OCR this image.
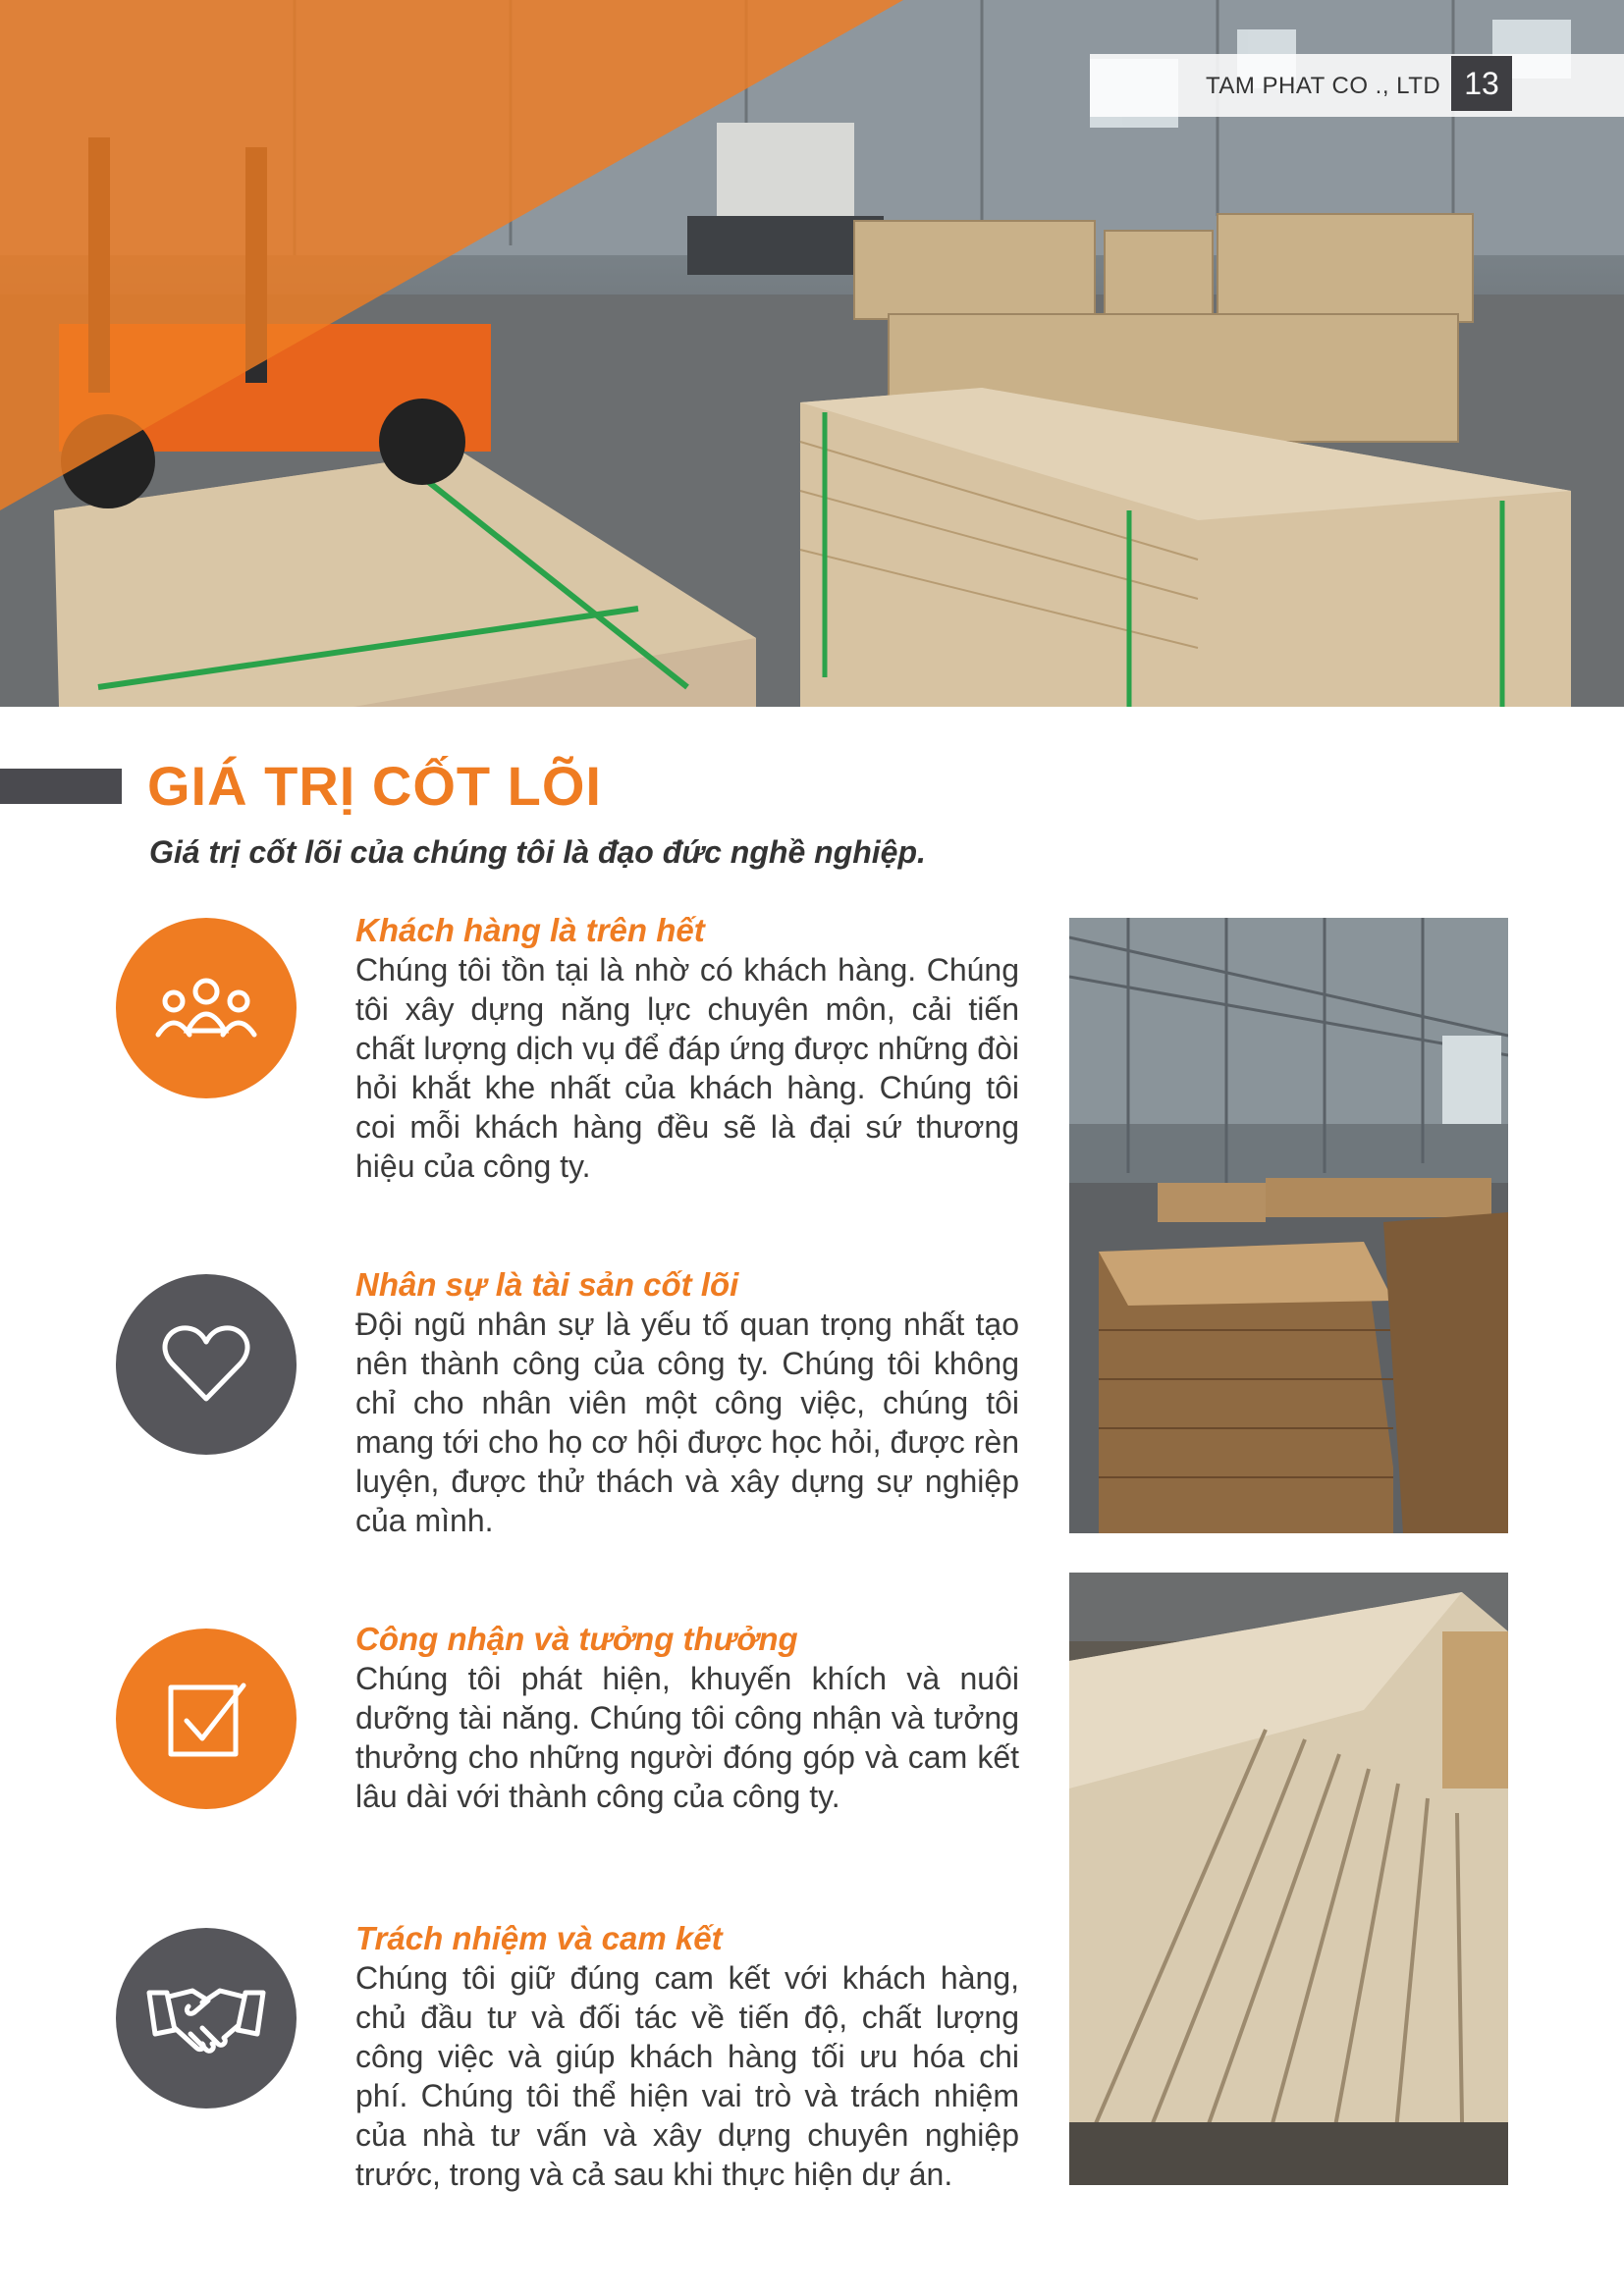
TAM PHAT CO ., LTD 13
GIÁ TRỊ CỐT LÕI

Giá trị cốt lõi của chúng tôi là đạo đức nghề nghiệp.

Khách hàng là trên hết
Chúng tôi tồn tại là nhờ có khách hàng. Chúng tôi xây dựng năng lực chuyên môn, cải tiến chất lượng dịch vụ để đáp ứng được những đòi hỏi khắt khe nhất của khách hàng. Chúng tôi coi mỗi khách hàng đều sẽ là đại sứ thương hiệu của công ty.
Nhân sự là tài sản cốt lõi
Đội ngũ nhân sự là yếu tố quan trọng nhất tạo nên thành công của công ty. Chúng tôi không chỉ cho nhân viên một công việc, chúng tôi mang tới cho họ cơ hội được học hỏi, được rèn luyện, được thử thách và xây dựng sự nghiệp của mình.
Công nhận và tưởng thưởng
Chúng tôi phát hiện, khuyến khích và nuôi dưỡng tài năng. Chúng tôi công nhận và tưởng thưởng cho những người đóng góp và cam kết lâu dài với thành công của công ty.
Trách nhiệm và cam kết
Chúng tôi giữ đúng cam kết với khách hàng, chủ đầu tư và đối tác về tiến độ, chất lượng công việc và giúp khách hàng tối ưu hóa chi phí. Chúng tôi thể hiện vai trò và trách nhiệm của nhà tư vấn và xây dựng chuyên nghiệp trước, trong và cả sau khi thực hiện dự án.
